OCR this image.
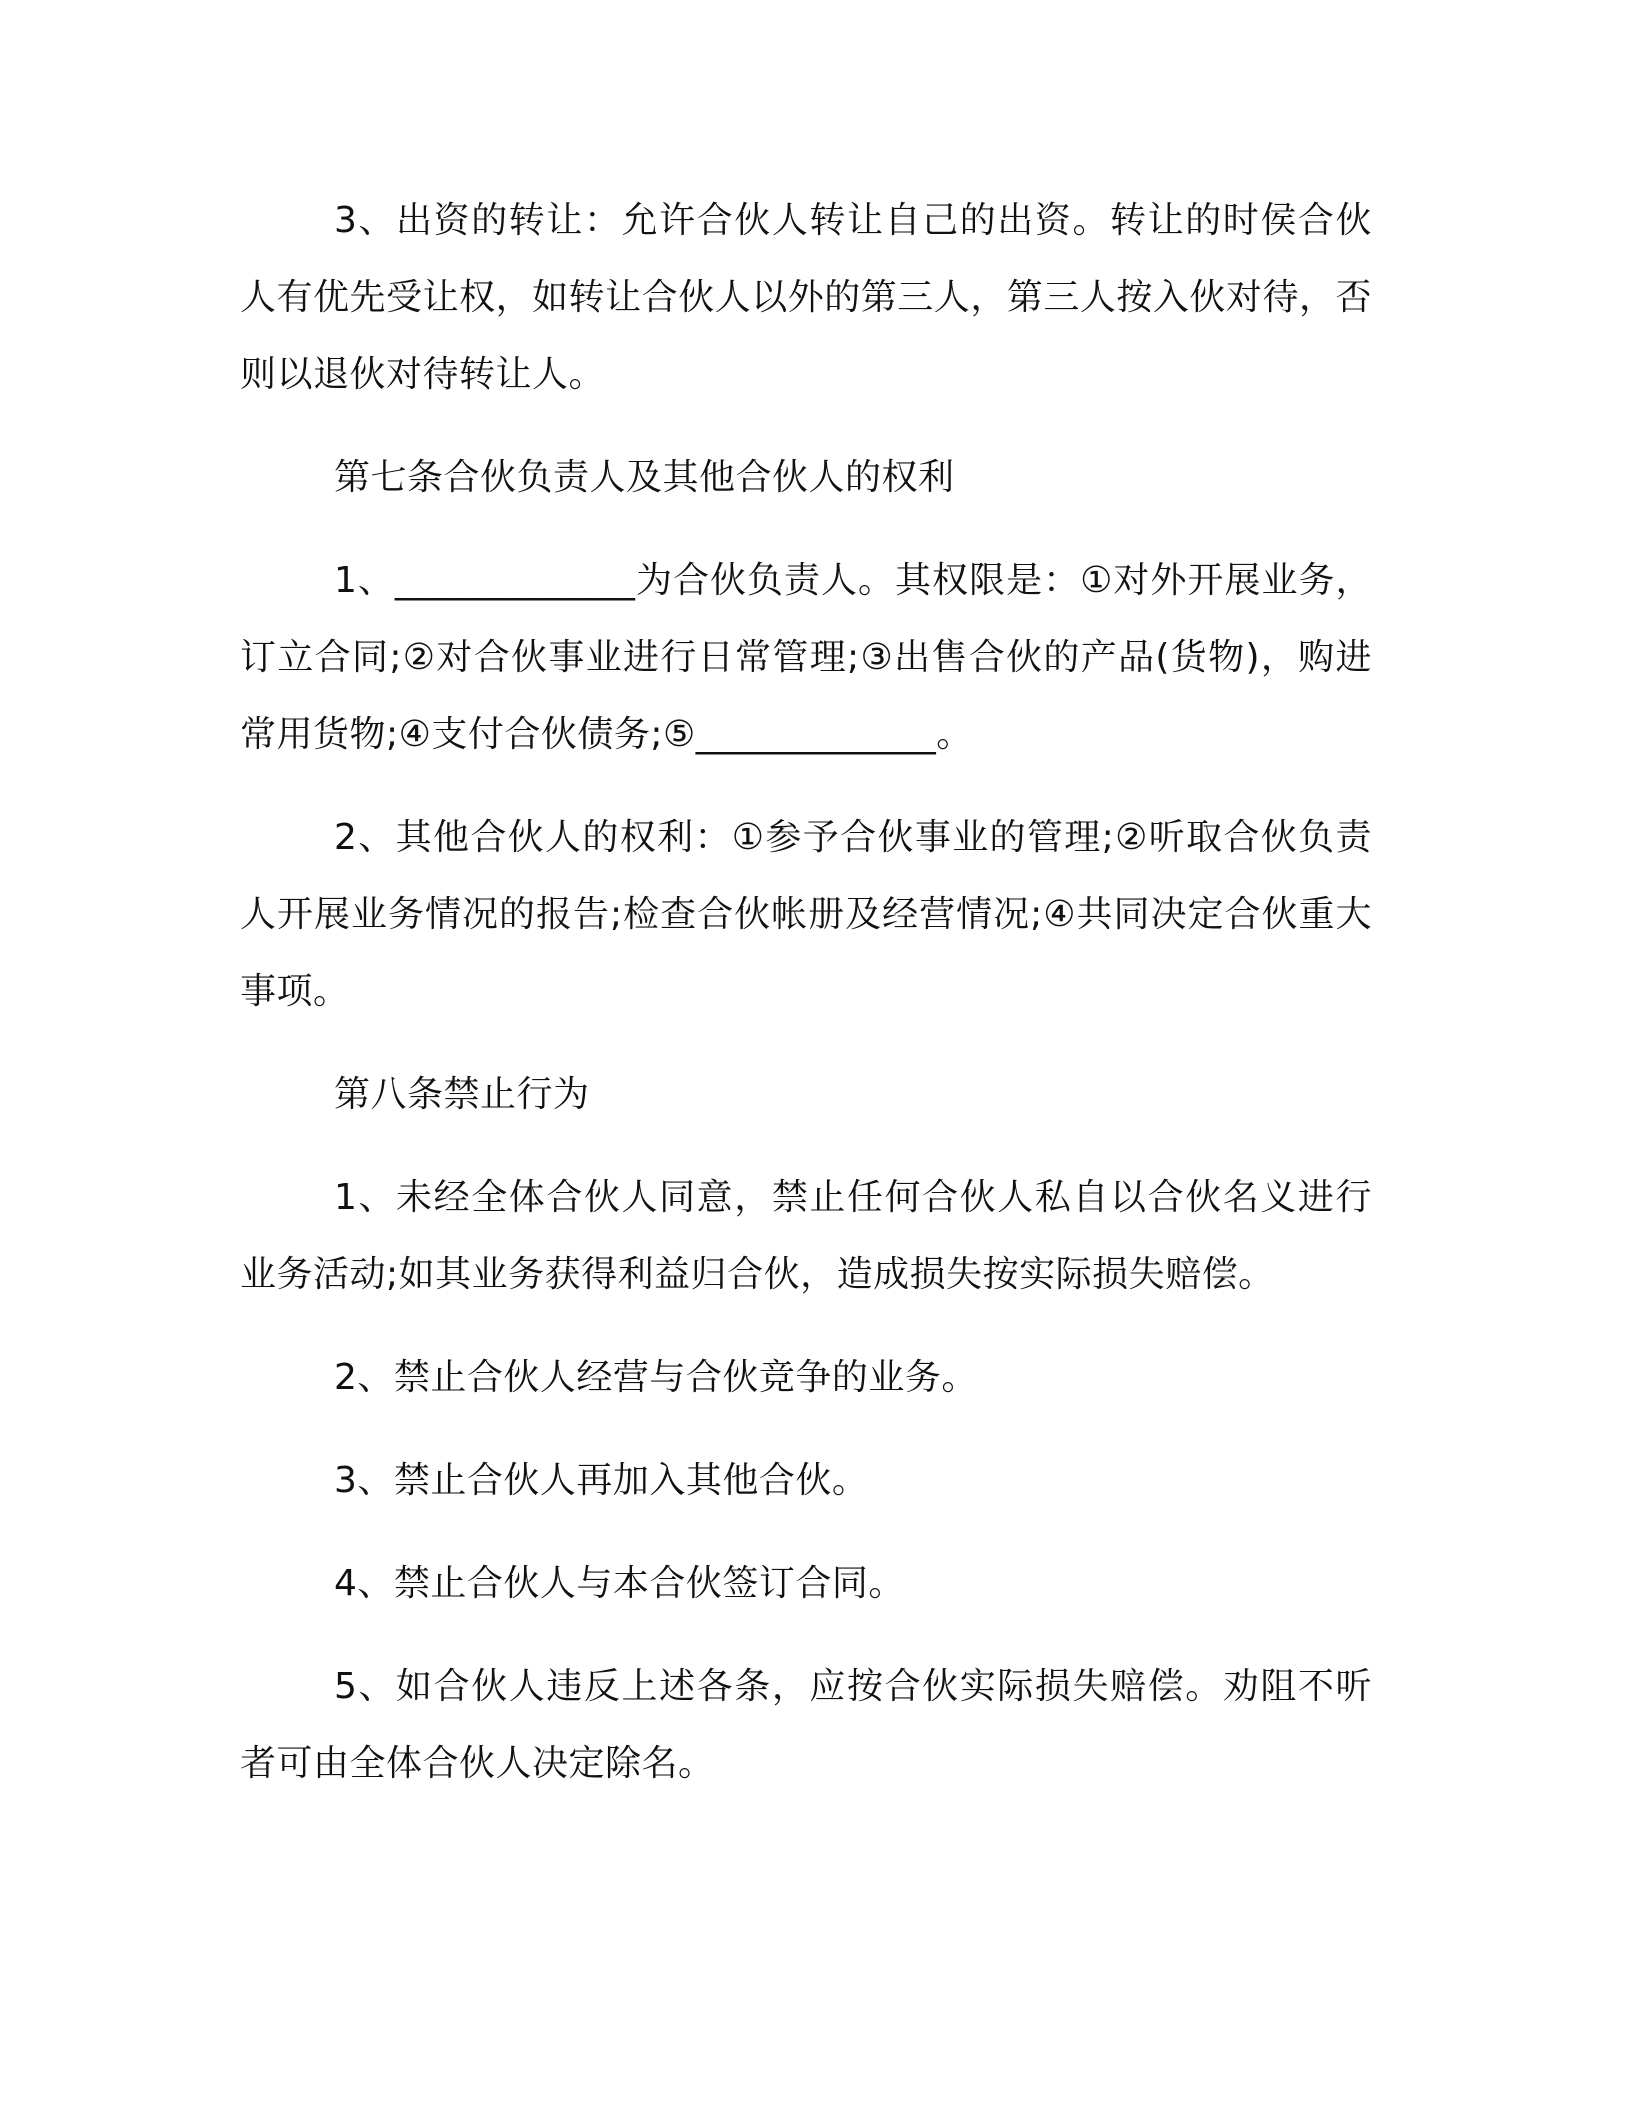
3、出资的转让：允许合伙人转让自己的出资。转让的时侯合伙人有优先受让权，如转让合伙人以外的第三人，第三人按入伙对待，否则以退伙对待转让人。

第七条合伙负责人及其他合伙人的权利

1、_____________为合伙负责人。其权限是：①对外开展业务，订立合同;②对合伙事业进行日常管理;③出售合伙的产品(货物)，购进常用货物;④支付合伙债务;⑤_____________。

2、其他合伙人的权利：①参予合伙事业的管理;②听取合伙负责人开展业务情况的报告;检查合伙帐册及经营情况;④共同决定合伙重大事项。

第八条禁止行为

1、未经全体合伙人同意，禁止任何合伙人私自以合伙名义进行业务活动;如其业务获得利益归合伙，造成损失按实际损失赔偿。

2、禁止合伙人经营与合伙竞争的业务。

3、禁止合伙人再加入其他合伙。

4、禁止合伙人与本合伙签订合同。

5、如合伙人违反上述各条，应按合伙实际损失赔偿。劝阻不听者可由全体合伙人决定除名。
